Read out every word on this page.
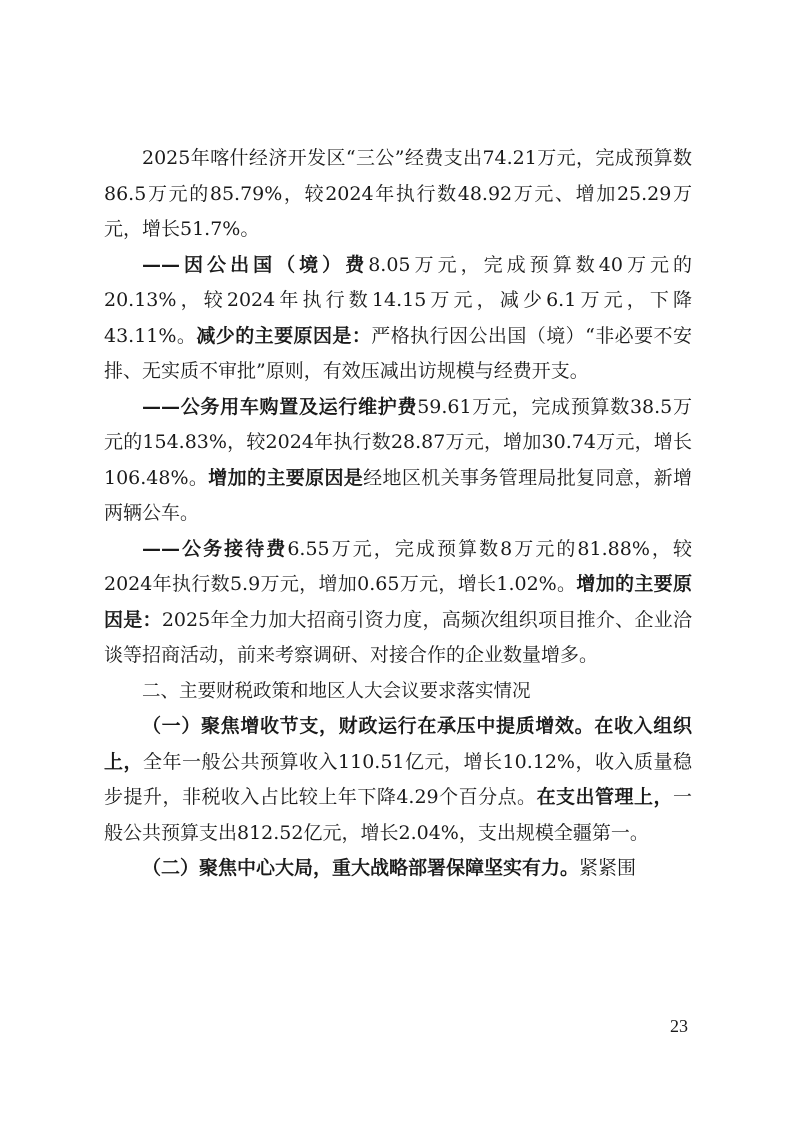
2025年喀什经济开发区“三公”经费支出74.21万元，完成预算数86.5万元的85.79%，较2024年执行数48.92万元、增加25.29万元，增长51.7%。

——因公出国（境）费8.05万元，完成预算数40万元的20.13%，较2024年执行数14.15万元，减少6.1万元，下降43.11%。减少的主要原因是：严格执行因公出国（境）“非必要不安排、无实质不审批”原则，有效压减出访规模与经费开支。

——公务用车购置及运行维护费59.61万元，完成预算数38.5万元的154.83%，较2024年执行数28.87万元，增加30.74万元，增长106.48%。增加的主要原因是经地区机关事务管理局批复同意，新增两辆公车。

——公务接待费6.55万元，完成预算数8万元的81.88%，较2024年执行数5.9万元，增加0.65万元，增长1.02%。增加的主要原因是：2025年全力加大招商引资力度，高频次组织项目推介、企业洽谈等招商活动，前来考察调研、对接合作的企业数量增多。

二、主要财税政策和地区人大会议要求落实情况

（一）聚焦增收节支，财政运行在承压中提质增效。在收入组织上，全年一般公共预算收入110.51亿元，增长10.12%，收入质量稳步提升，非税收入占比较上年下降4.29个百分点。在支出管理上，一般公共预算支出812.52亿元，增长2.04%，支出规模全疆第一。

（二）聚焦中心大局，重大战略部署保障坚实有力。紧紧围

23
